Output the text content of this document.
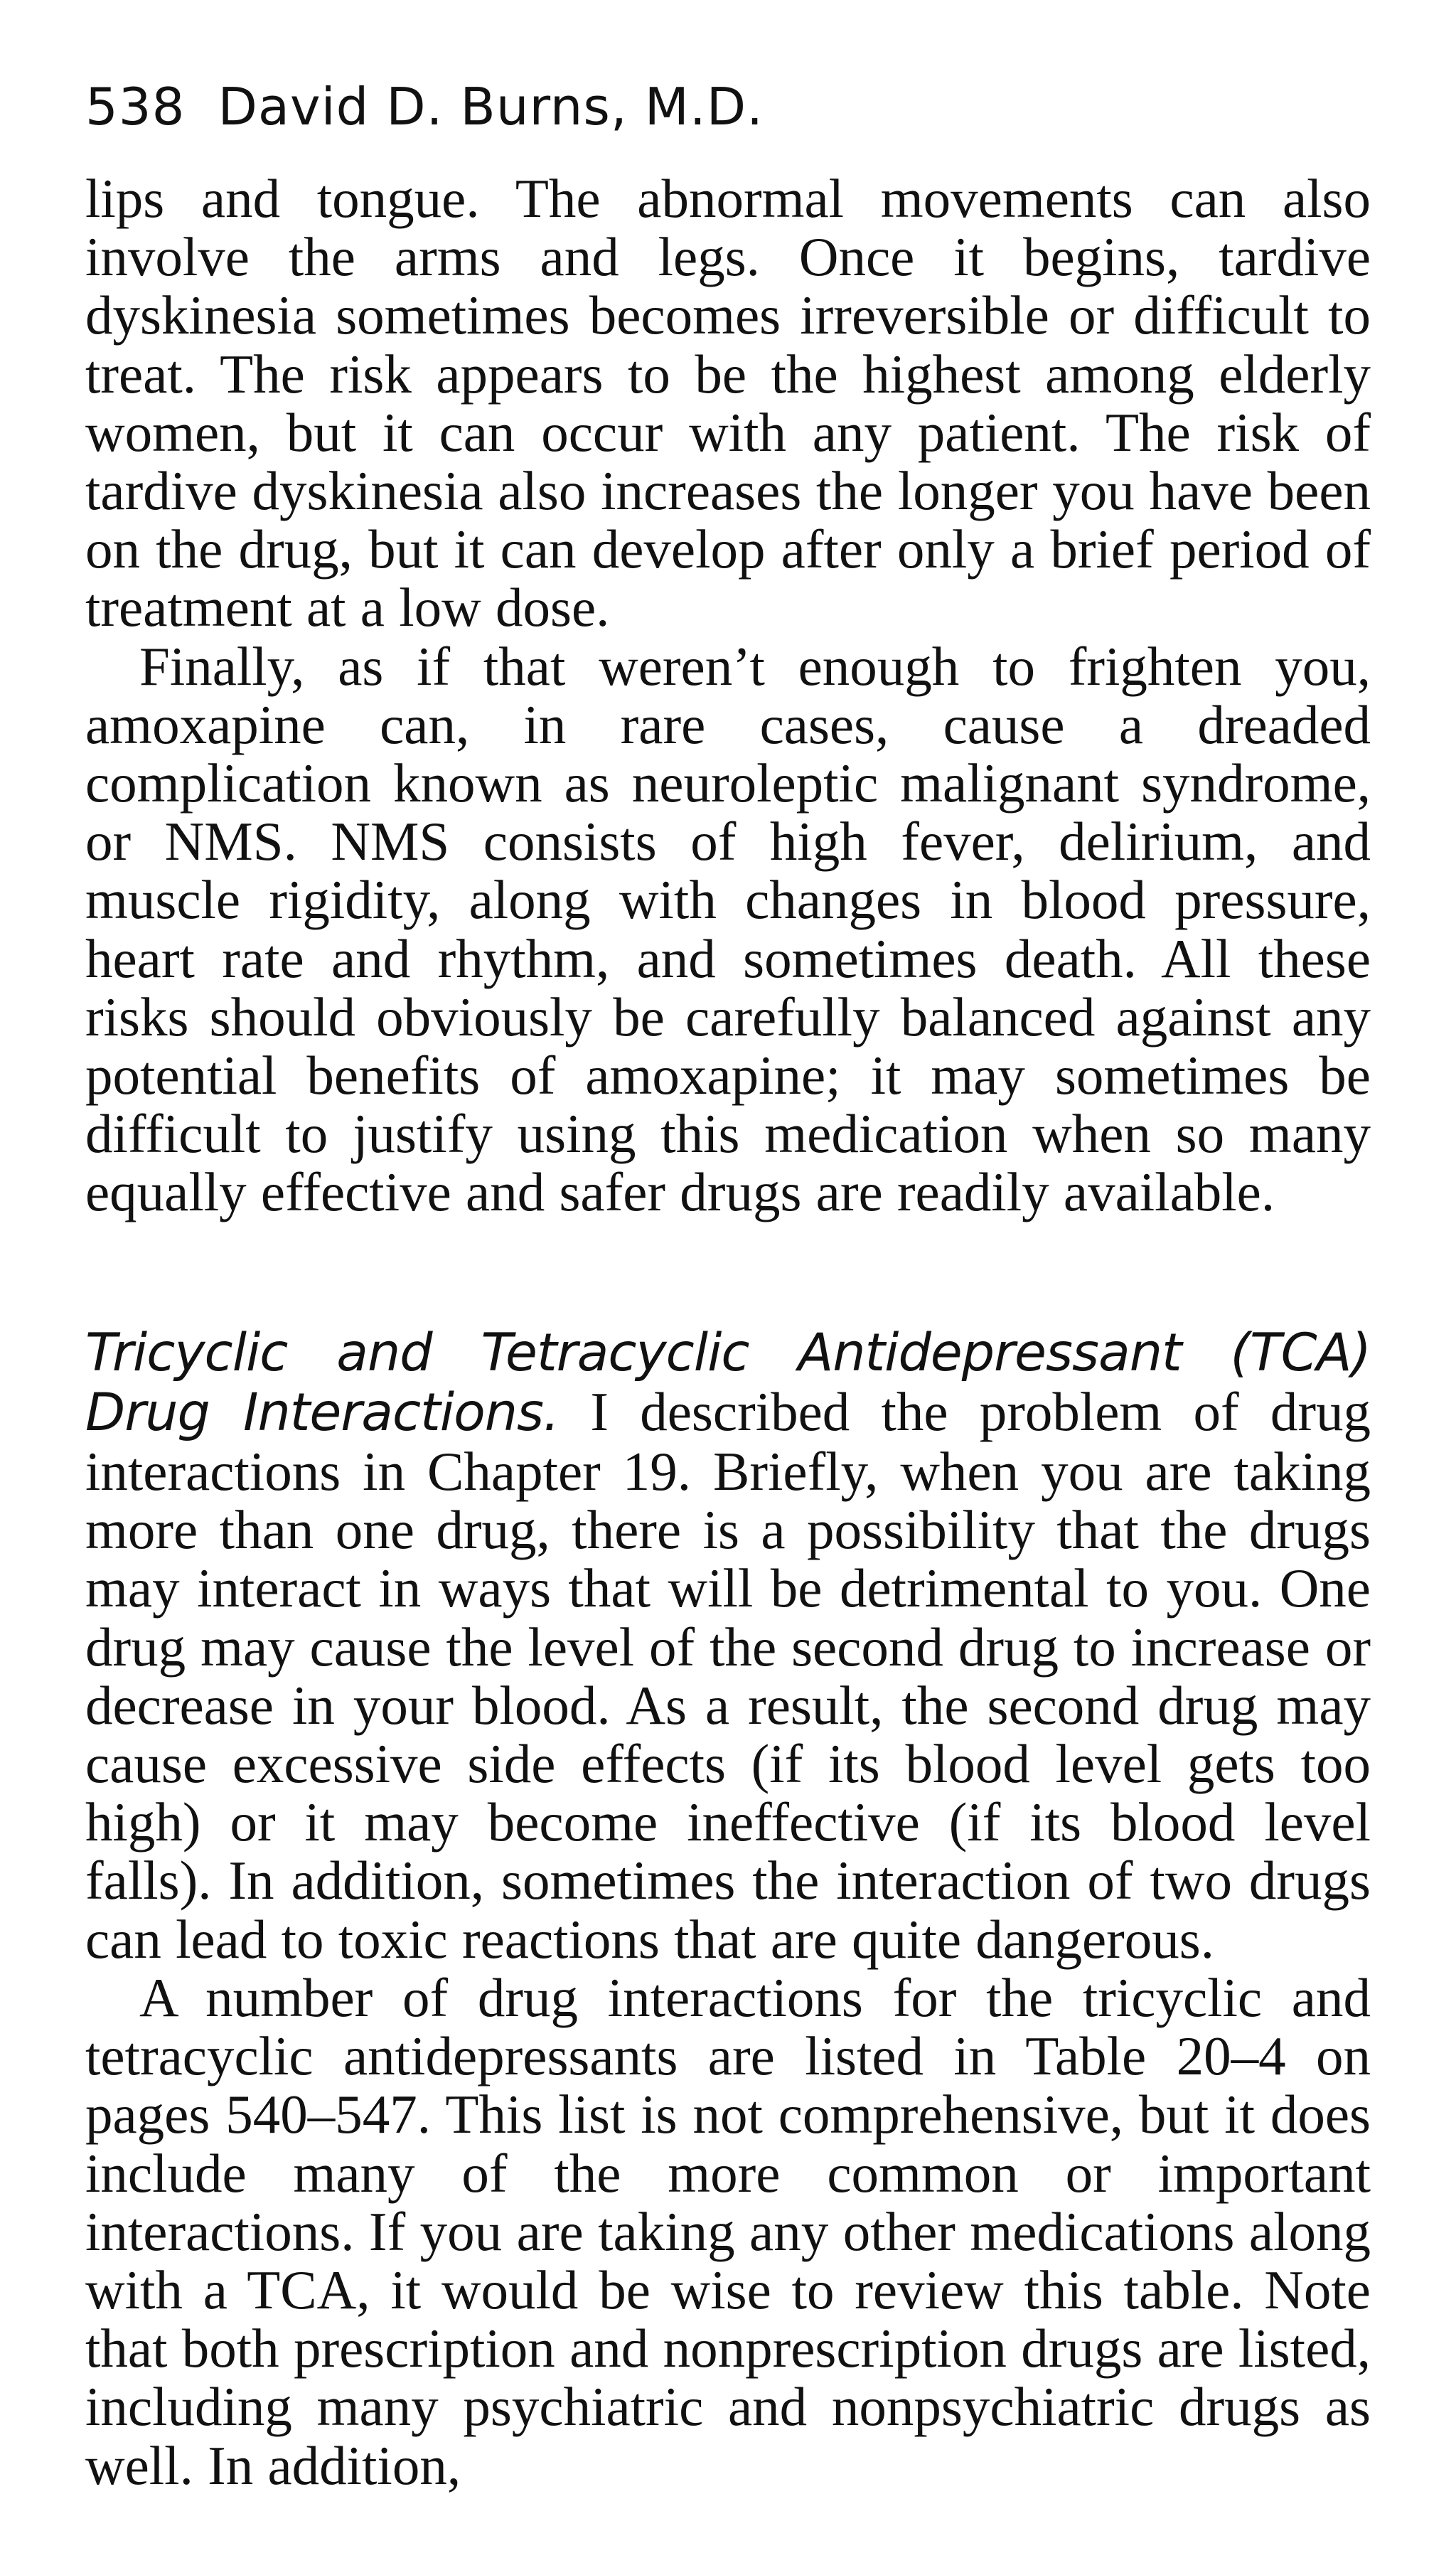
538 David D. Burns, M.D.

lips and tongue. The abnormal movements can also involve the arms and legs. Once it begins, tardive dyskinesia sometimes becomes irreversible or difficult to treat. The risk appears to be the highest among elderly women, but it can occur with any patient. The risk of tardive dyskinesia also increases the longer you have been on the drug, but it can develop after only a brief period of treatment at a low dose.

Finally, as if that weren’t enough to frighten you, amoxapine can, in rare cases, cause a dreaded complication known as neuroleptic malignant syndrome, or NMS. NMS consists of high fever, delirium, and muscle rigidity, along with changes in blood pressure, heart rate and rhythm, and sometimes death. All these risks should obviously be carefully balanced against any potential benefits of amoxapine; it may sometimes be difficult to justify using this medication when so many equally effective and safer drugs are readily available.

Tricyclic and Tetracyclic Antidepressant (TCA) Drug Interactions. I described the problem of drug interactions in Chapter 19. Briefly, when you are taking more than one drug, there is a possibility that the drugs may interact in ways that will be detrimental to you. One drug may cause the level of the second drug to increase or decrease in your blood. As a result, the second drug may cause excessive side effects (if its blood level gets too high) or it may become ineffective (if its blood level falls). In addition, sometimes the interaction of two drugs can lead to toxic reactions that are quite dangerous.

A number of drug interactions for the tricyclic and tetracyclic antidepressants are listed in Table 20–4 on pages 540–547. This list is not comprehensive, but it does include many of the more common or important interactions. If you are taking any other medications along with a TCA, it would be wise to review this table. Note that both prescription and nonprescription drugs are listed, including many psychiatric and nonpsychiatric drugs as well. In addition,
